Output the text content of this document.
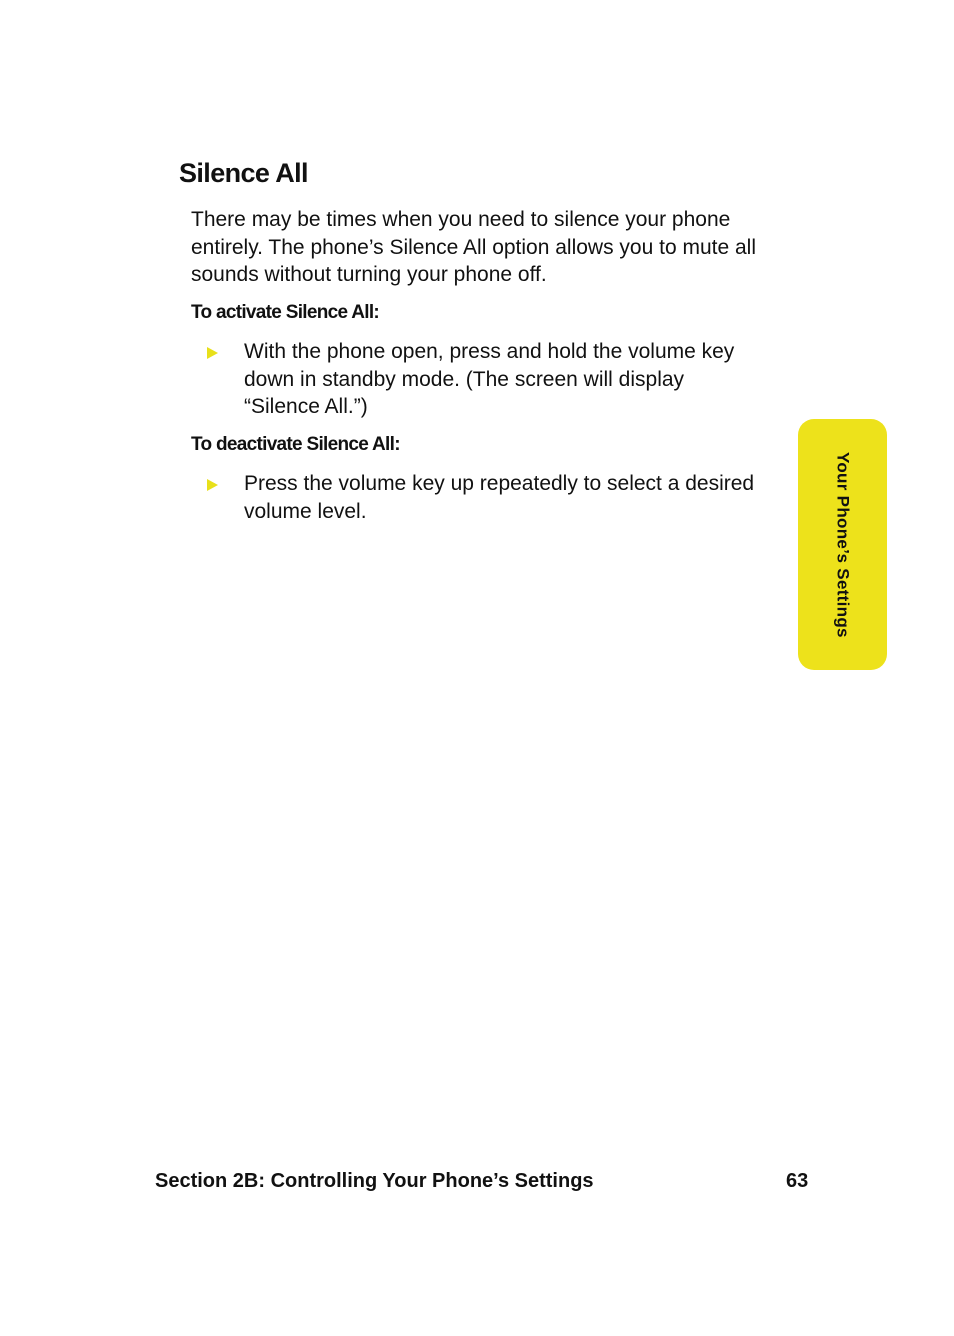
Silence All

There may be times when you need to silence your phone entirely. The phone’s Silence All option allows you to mute all sounds without turning your phone off.

To activate Silence All:
With the phone open, press and hold the volume key down in standby mode. (The screen will display “Silence All.”)
To deactivate Silence All:
Press the volume key up repeatedly to select a desired volume level.	Your Phone’s Settings
Section 2B: Controlling Your Phone’s Settings	63
